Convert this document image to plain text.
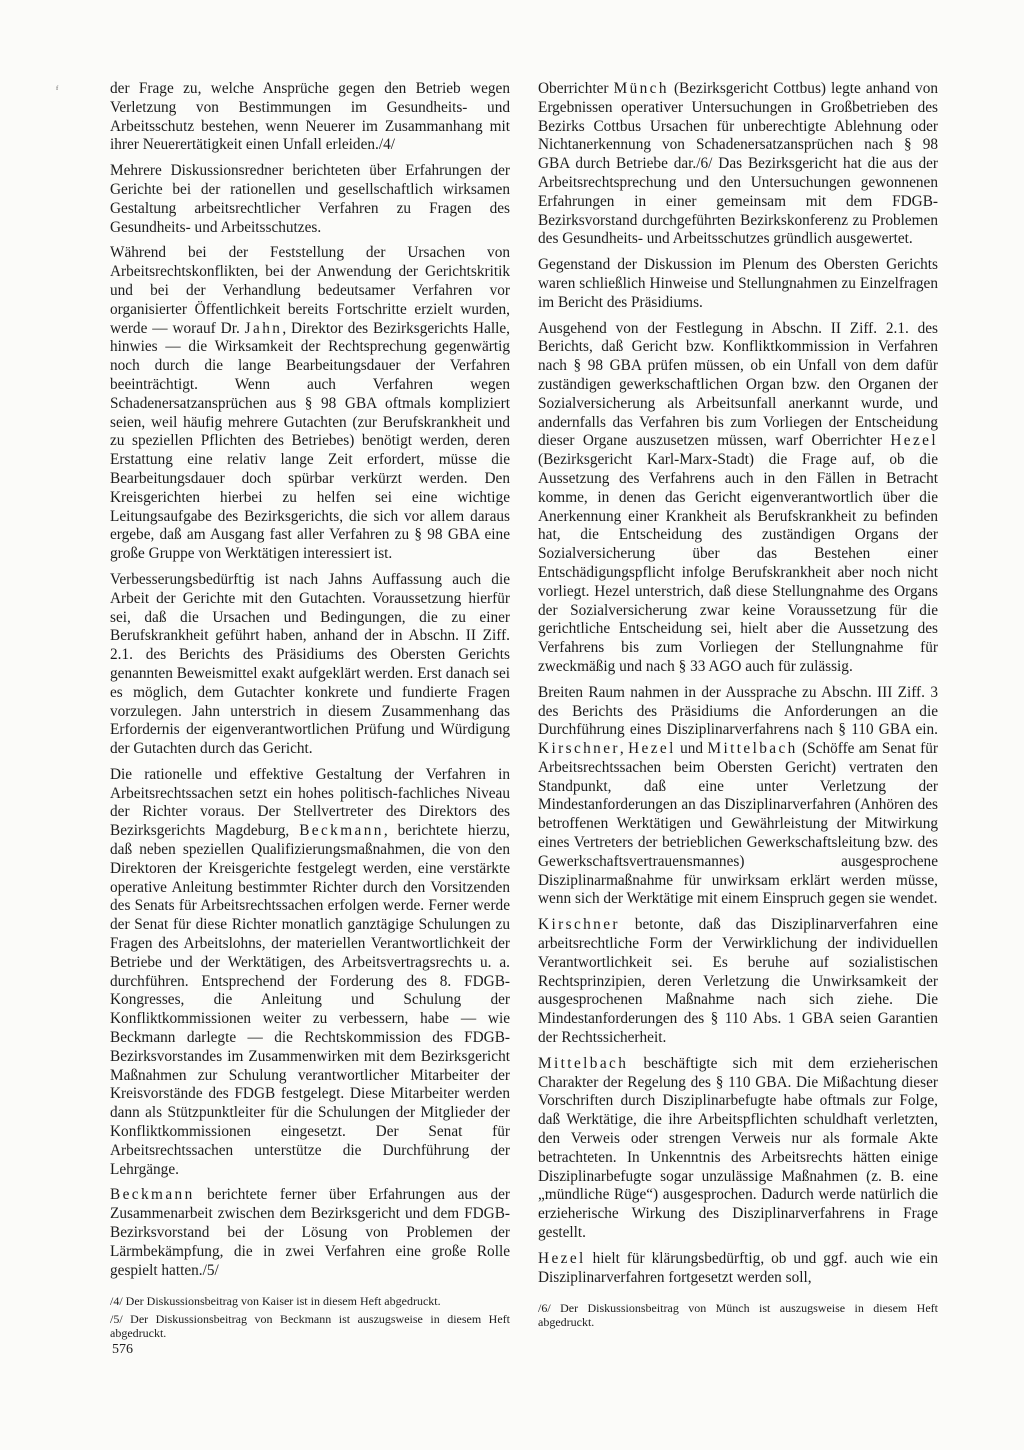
ᶠ	der Frage zu, welche Ansprüche gegen den Betrieb wegen Verletzung von Bestimmungen im Gesundheits- und Arbeitsschutz bestehen, wenn Neuerer im Zusammanhang mit ihrer Neuerertätigkeit einen Unfall erleiden./4/

Mehrere Diskussionsredner berichteten über Erfahrungen der Gerichte bei der rationellen und gesellschaftlich wirksamen Gestaltung arbeitsrechtlicher Verfahren zu Fragen des Gesundheits- und Arbeitsschutzes.

Während bei der Feststellung der Ursachen von Arbeitsrechtskonflikten, bei der Anwendung der Gerichtskritik und bei der Verhandlung bedeutsamer Verfahren vor organisierter Öffentlichkeit bereits Fortschritte erzielt wurden, werde — worauf Dr. Jahn, Direktor des Bezirksgerichts Halle, hinwies — die Wirksamkeit der Rechtsprechung gegenwärtig noch durch die lange Bearbeitungsdauer der Verfahren beeinträchtigt. Wenn auch Verfahren wegen Schadenersatzansprüchen aus § 98 GBA oftmals kompliziert seien, weil häufig mehrere Gutachten (zur Berufskrankheit und zu speziellen Pflichten des Betriebes) benötigt werden, deren Erstattung eine relativ lange Zeit erfordert, müsse die Bearbeitungsdauer doch spürbar verkürzt werden. Den Kreisgerichten hierbei zu helfen sei eine wichtige Leitungsaufgabe des Bezirksgerichts, die sich vor allem daraus ergebe, daß am Ausgang fast aller Verfahren zu § 98 GBA eine große Gruppe von Werktätigen interessiert ist.

Verbesserungsbedürftig ist nach Jahns Auffassung auch die Arbeit der Gerichte mit den Gutachten. Voraussetzung hierfür sei, daß die Ursachen und Bedingungen, die zu einer Berufskrankheit geführt haben, anhand der in Abschn. II Ziff. 2.1. des Berichts des Präsidiums des Obersten Gerichts genannten Beweismittel exakt aufgeklärt werden. Erst danach sei es möglich, dem Gutachter konkrete und fundierte Fragen vorzulegen. Jahn unterstrich in diesem Zusammenhang das Erfordernis der eigenverantwortlichen Prüfung und Würdigung der Gutachten durch das Gericht.

Die rationelle und effektive Gestaltung der Verfahren in Arbeitsrechtssachen setzt ein hohes politisch-fachliches Niveau der Richter voraus. Der Stellvertreter des Direktors des Bezirksgerichts Magdeburg, Beckmann, berichtete hierzu, daß neben speziellen Qualifizierungsmaßnahmen, die von den Direktoren der Kreisgerichte festgelegt werden, eine verstärkte operative Anleitung bestimmter Richter durch den Vorsitzenden des Senats für Arbeitsrechtssachen erfolgen werde. Ferner werde der Senat für diese Richter monatlich ganztägige Schulungen zu Fragen des Arbeitslohns, der materiellen Verantwortlichkeit der Betriebe und der Werktätigen, des Arbeitsvertragsrechts u. a. durchführen. Entsprechend der Forderung des 8. FDGB-Kongresses, die Anleitung und Schulung der Konfliktkommissionen weiter zu verbessern, habe — wie Beckmann darlegte — die Rechtskommission des FDGB-Bezirksvorstandes im Zusammenwirken mit dem Bezirksgericht Maßnahmen zur Schulung verantwortlicher Mitarbeiter der Kreisvorstände des FDGB festgelegt. Diese Mitarbeiter werden dann als Stützpunktleiter für die Schulungen der Mitglieder der Konfliktkommissionen eingesetzt. Der Senat für Arbeitsrechtssachen unterstütze die Durchführung der Lehrgänge.

Beckmann berichtete ferner über Erfahrungen aus der Zusammenarbeit zwischen dem Bezirksgericht und dem FDGB-Bezirksvorstand bei der Lösung von Problemen der Lärmbekämpfung, die in zwei Verfahren eine große Rolle gespielt hatten./5/

/4/ Der Diskussionsbeitrag von Kaiser ist in diesem Heft abgedruckt.

/5/ Der Diskussionsbeitrag von Beckmann ist auszugsweise in diesem Heft abgedruckt.

Oberrichter Münch (Bezirksgericht Cottbus) legte anhand von Ergebnissen operativer Untersuchungen in Großbetrieben des Bezirks Cottbus Ursachen für unberechtigte Ablehnung oder Nichtanerkennung von Schadenersatzansprüchen nach § 98 GBA durch Betriebe dar./6/ Das Bezirksgericht hat die aus der Arbeitsrechtsprechung und den Untersuchungen gewonnenen Erfahrungen in einer gemeinsam mit dem FDGB-Bezirksvorstand durchgeführten Bezirkskonferenz zu Problemen des Gesundheits- und Arbeitsschutzes gründlich ausgewertet.

Gegenstand der Diskussion im Plenum des Obersten Gerichts waren schließlich Hinweise und Stellungnahmen zu Einzelfragen im Bericht des Präsidiums.

Ausgehend von der Festlegung in Abschn. II Ziff. 2.1. des Berichts, daß Gericht bzw. Konfliktkommission in Verfahren nach § 98 GBA prüfen müssen, ob ein Unfall von dem dafür zuständigen gewerkschaftlichen Organ bzw. den Organen der Sozialversicherung als Arbeitsunfall anerkannt wurde, und andernfalls das Verfahren bis zum Vorliegen der Entscheidung dieser Organe auszusetzen müssen, warf Oberrichter Hezel (Bezirksgericht Karl-Marx-Stadt) die Frage auf, ob die Aussetzung des Verfahrens auch in den Fällen in Betracht komme, in denen das Gericht eigenverantwortlich über die Anerkennung einer Krankheit als Berufskrankheit zu befinden hat, die Entscheidung des zuständigen Organs der Sozialversicherung über das Bestehen einer Entschädigungspflicht infolge Berufskrankheit aber noch nicht vorliegt. Hezel unterstrich, daß diese Stellungnahme des Organs der Sozialversicherung zwar keine Voraussetzung für die gerichtliche Entscheidung sei, hielt aber die Aussetzung des Verfahrens bis zum Vorliegen der Stellungnahme für zweckmäßig und nach § 33 AGO auch für zulässig.

Breiten Raum nahmen in der Aussprache zu Abschn. III Ziff. 3 des Berichts des Präsidiums die Anforderungen an die Durchführung eines Disziplinarverfahrens nach § 110 GBA ein. Kirschner, Hezel und Mittelbach (Schöffe am Senat für Arbeitsrechtssachen beim Obersten Gericht) vertraten den Standpunkt, daß eine unter Verletzung der Mindestanforderungen an das Disziplinarverfahren (Anhören des betroffenen Werktätigen und Gewährleistung der Mitwirkung eines Vertreters der betrieblichen Gewerkschaftsleitung bzw. des Gewerkschaftsvertrauensmannes) ausgesprochene Disziplinarmaßnahme für unwirksam erklärt werden müsse, wenn sich der Werktätige mit einem Einspruch gegen sie wendet.

Kirschner betonte, daß das Disziplinarverfahren eine arbeitsrechtliche Form der Verwirklichung der individuellen Verantwortlichkeit sei. Es beruhe auf sozialistischen Rechtsprinzipien, deren Verletzung die Unwirksamkeit der ausgesprochenen Maßnahme nach sich ziehe. Die Mindestanforderungen des § 110 Abs. 1 GBA seien Garantien der Rechtssicherheit.

Mittelbach beschäftigte sich mit dem erzieherischen Charakter der Regelung des § 110 GBA. Die Mißachtung dieser Vorschriften durch Disziplinarbefugte habe oftmals zur Folge, daß Werktätige, die ihre Arbeitspflichten schuldhaft verletzten, den Verweis oder strengen Verweis nur als formale Akte betrachteten. In Unkenntnis des Arbeitsrechts hätten einige Disziplinarbefugte sogar unzulässige Maßnahmen (z. B. eine „mündliche Rüge“) ausgesprochen. Dadurch werde natürlich die erzieherische Wirkung des Disziplinarverfahrens in Frage gestellt.

Hezel hielt für klärungsbedürftig, ob und ggf. auch wie ein Disziplinarverfahren fortgesetzt werden soll,

/6/ Der Diskussionsbeitrag von Münch ist auszugsweise in diesem Heft abgedruckt.

576
